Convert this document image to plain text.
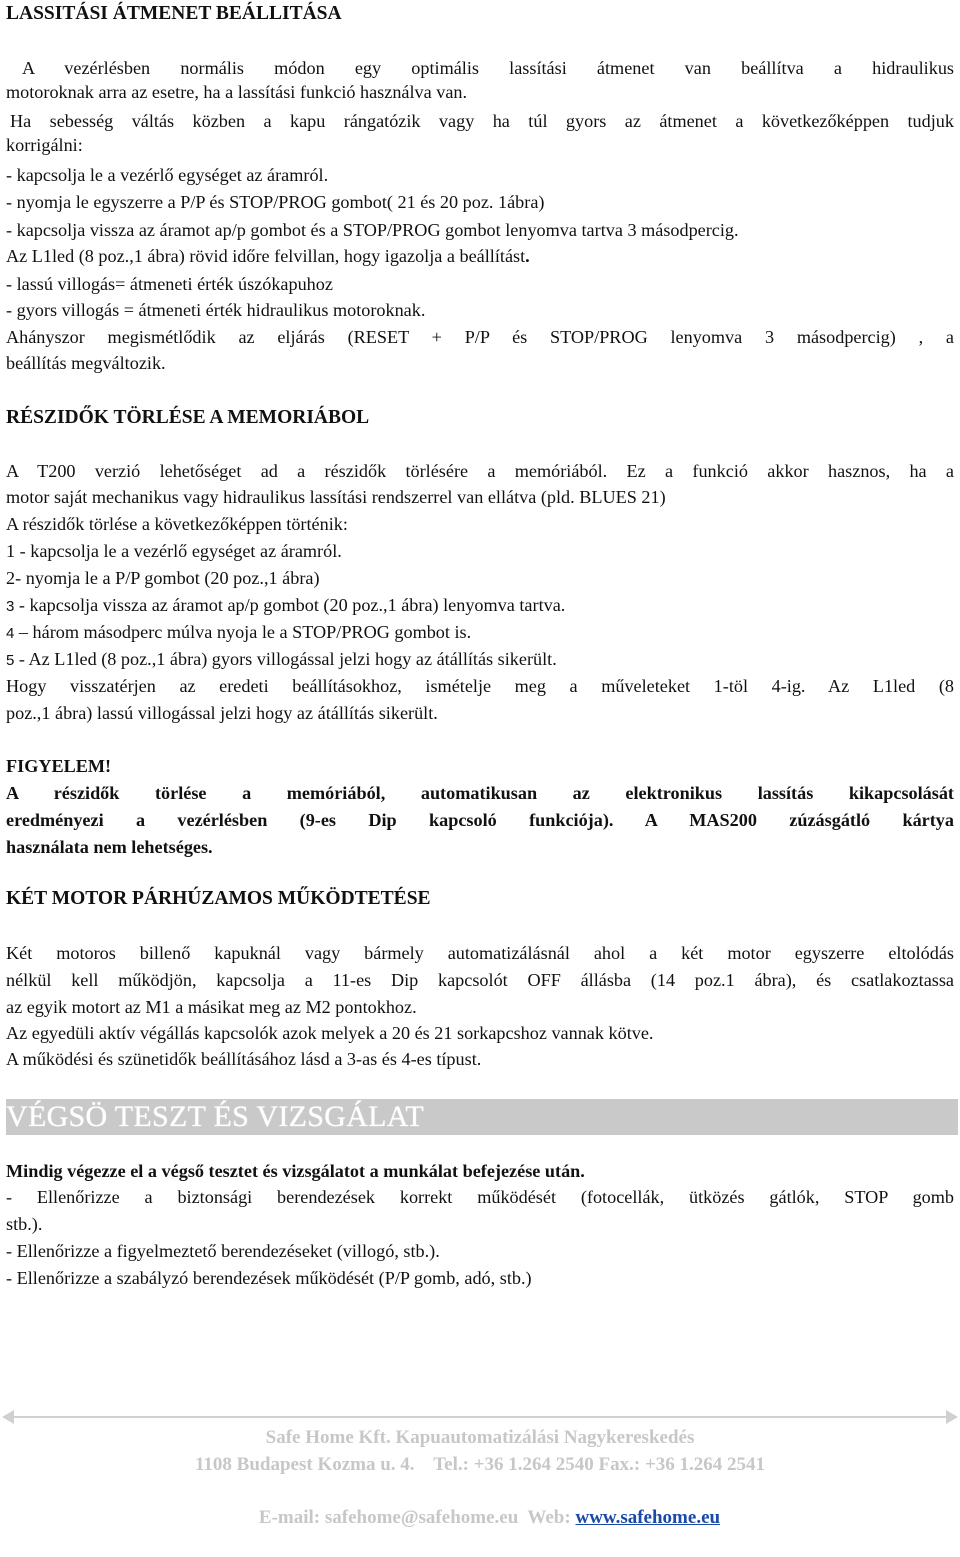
LASSITÁSI ÁTMENET BEÁLLITÁSA
A vezérlésben normális módon egy optimális lassítási átmenet van beállítva a hidraulikus
motoroknak arra az esetre, ha a lassítási funkció használva van.
Ha sebesség váltás közben a kapu rángatózik vagy ha túl gyors az átmenet a következőképpen tudjuk
korrigálni:
- kapcsolja le a vezérlő egységet az áramról.
- nyomja le egyszerre a P/P és STOP/PROG gombot( 21 és 20 poz. 1ábra)
- kapcsolja vissza az áramot ap/p gombot és a STOP/PROG gombot lenyomva tartva 3 másodpercig.
Az L1led (8 poz.,1 ábra) rövid időre felvillan, hogy igazolja a beállítást.
- lassú villogás= átmeneti érték úszókapuhoz
- gyors villogás = átmeneti érték hidraulikus motoroknak.
Ahányszor megismétlődik az eljárás (RESET + P/P és STOP/PROG lenyomva 3 másodpercig) , a
beállítás megváltozik.
RÉSZIDŐK TÖRLÉSE A MEMORIÁBOL
A T200 verzió lehetőséget ad a részidők törlésére a memóriából. Ez a funkció akkor hasznos, ha a
motor saját mechanikus vagy hidraulikus lassítási rendszerrel van ellátva (pld. BLUES 21)
A részidők törlése a következőképpen történik:
1 - kapcsolja le a vezérlő egységet az áramról.
2- nyomja le a P/P gombot (20 poz.,1 ábra)
3 - kapcsolja vissza az áramot ap/p gombot (20 poz.,1 ábra) lenyomva tartva.
4 – három másodperc múlva nyoja le a STOP/PROG gombot is.
5 - Az L1led (8 poz.,1 ábra) gyors villogással jelzi hogy az átállítás sikerült.
Hogy visszatérjen az eredeti beállításokhoz, ismételje meg a műveleteket 1-töl 4-ig. Az L1led (8
poz.,1 ábra) lassú villogással jelzi hogy az átállítás sikerült.
FIGYELEM!
A részidők törlése a memóriából, automatikusan az elektronikus lassítás kikapcsolását
eredményezi a vezérlésben (9-es Dip kapcsoló funkciója). A MAS200 zúzásgátló kártya
használata nem lehetséges.
KÉT MOTOR PÁRHÚZAMOS MŰKÖDTETÉSE
Két motoros billenő kapuknál vagy bármely automatizálásnál ahol a két motor egyszerre eltolódás
nélkül kell működjön, kapcsolja a 11-es Dip kapcsolót OFF állásba (14 poz.1 ábra), és csatlakoztassa
az egyik motort az M1 a másikat meg az M2 pontokhoz.
Az egyedüli aktív végállás kapcsolók azok melyek a 20 és 21 sorkapcshoz vannak kötve.
A működési és szünetidők beállításához lásd a 3-as és 4-es típust.
VÉGSÖ TESZT ÉS VIZSGÁLAT
Mindig végezze el a végső tesztet és vizsgálatot a munkálat befejezése után.
- Ellenőrizze a biztonsági berendezések korrekt működését (fotocellák, ütközés gátlók, STOP gomb
stb.).
- Ellenőrizze a figyelmeztető berendezéseket (villogó, stb.).
- Ellenőrizze a szabályzó berendezések működését (P/P gomb, adó, stb.)
Safe Home Kft. Kapuautomatizálási Nagykereskedés
1108 Budapest Kozma u. 4.    Tel.: +36 1.264 2540 Fax.: +36 1.264 2541

E-mail: safehome@safehome.eu  Web: www.safehome.eu
